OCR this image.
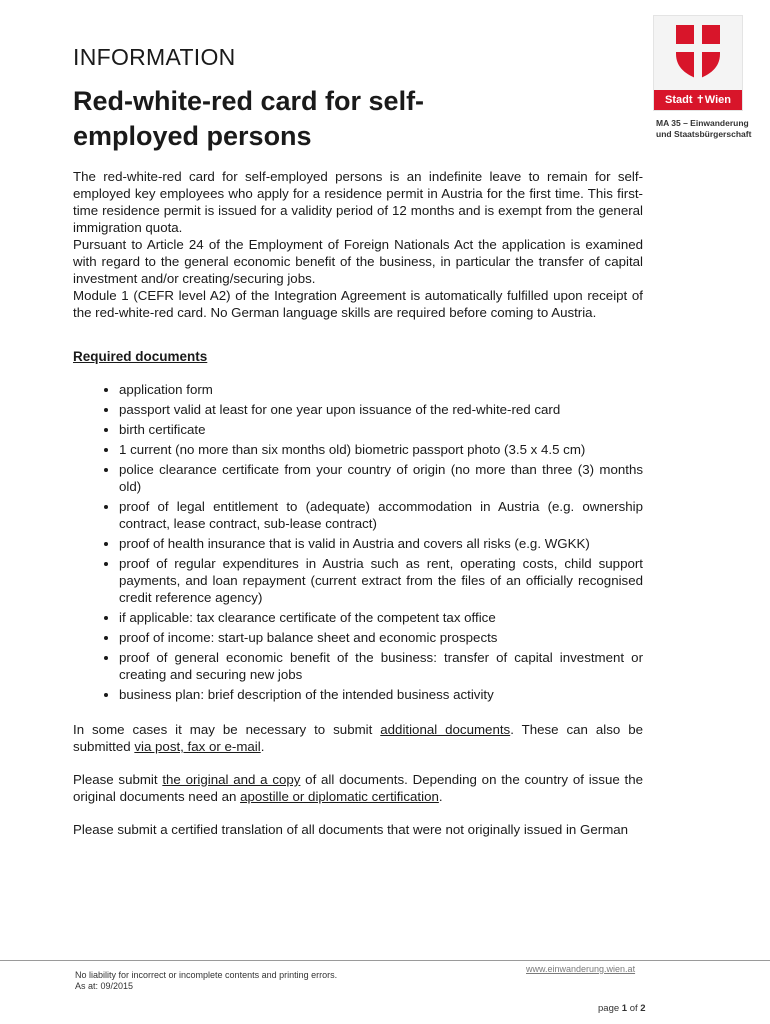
INFORMATION
Red-white-red card for self-employed persons
Stadt ✝Wien
MA 35 – Einwanderung
und Staatsbürgerschaft

The red-white-red card for self-employed persons is an indefinite leave to remain for self-employed key employees who apply for a residence permit in Austria for the first time. This first-time residence permit is issued for a validity period of 12 months and is exempt from the general immigration quota.

Pursuant to Article 24 of the Employment of Foreign Nationals Act the application is examined with regard to the general economic benefit of the business, in particular the transfer of capital investment and/or creating/securing jobs.

Module 1 (CEFR level A2) of the Integration Agreement is automatically fulfilled upon receipt of the red-white-red card. No German language skills are required before coming to Austria.

Required documents
• application form
• passport valid at least for one year upon issuance of the red-white-red card
• birth certificate
• 1 current (no more than six months old) biometric passport photo (3.5 x 4.5 cm)
• police clearance certificate from your country of origin (no more than three (3) months old)
• proof of legal entitlement to (adequate) accommodation in Austria (e.g. ownership contract, lease contract, sub-lease contract)
• proof of health insurance that is valid in Austria and covers all risks (e.g. WGKK)
• proof of regular expenditures in Austria such as rent, operating costs, child support payments, and loan repayment (current extract from the files of an officially recognised credit reference agency)
• if applicable: tax clearance certificate of the competent tax office
• proof of income: start-up balance sheet and economic prospects
• proof of general economic benefit of the business: transfer of capital investment or creating and securing new jobs
• business plan: brief description of the intended business activity

In some cases it may be necessary to submit additional documents. These can also be submitted via post, fax or e-mail.

Please submit the original and a copy of all documents. Depending on the country of issue the original documents need an apostille or diplomatic certification.

Please submit a certified translation of all documents that were not originally issued in German

No liability for incorrect or incomplete contents and printing errors.
As at: 09/2015
www.einwanderung.wien.at
page 1 of 2
